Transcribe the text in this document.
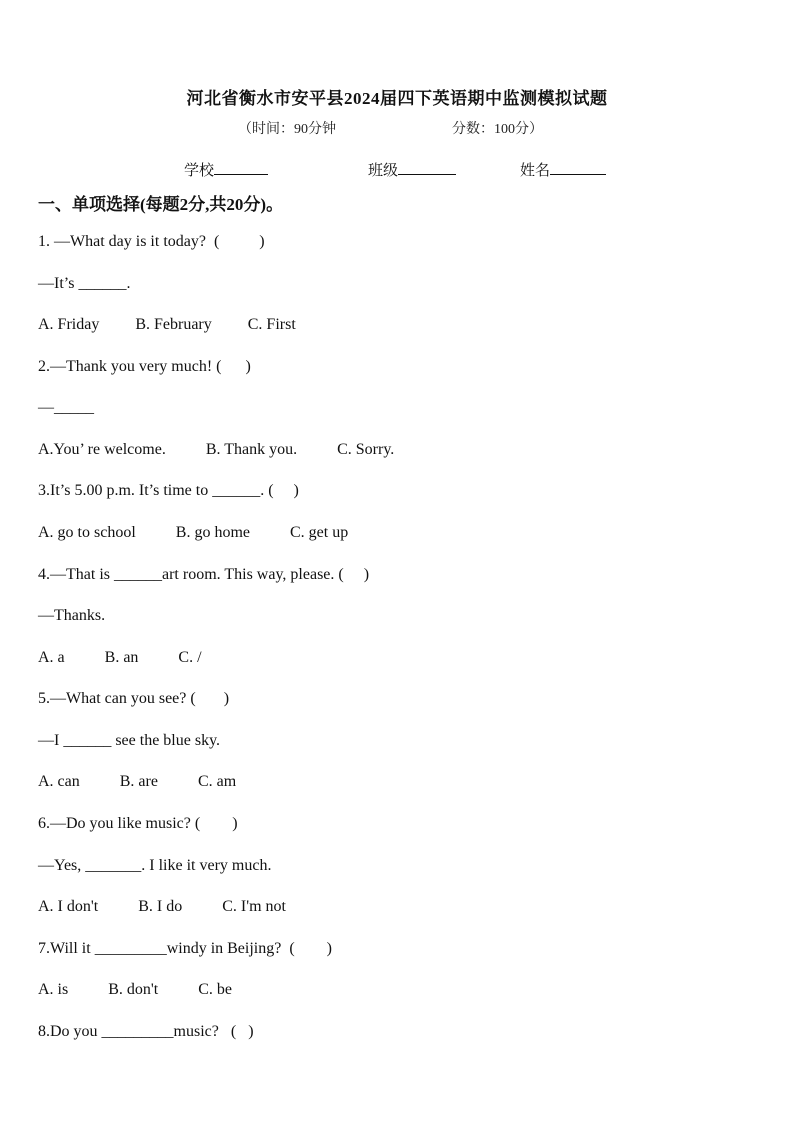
河北省衡水市安平县2024届四下英语期中监测模拟试题
（时间：90分钟	分数：100分）
学校	班级	姓名
一、单项选择(每题2分,共20分)。
1. —What day is it today?  (          )
—It’s ______.
A. Friday         B. February         C. First
2.—Thank you very much! (      )
—_____
A.You’ re welcome.          B. Thank you.          C. Sorry.
3.It’s 5.00 p.m. It’s time to ______. (     )
A. go to school          B. go home          C. get up
4.—That is ______art room. This way, please. (     )
—Thanks.
A. a          B. an          C. /
5.—What can you see? (       )
—I ______ see the blue sky.
A. can          B. are          C. am
6.—Do you like music? (        )
—Yes, _______. I like it very much.
A. I don't          B. I do          C. I'm not
7.Will it _________windy in Beijing?  (        )
A. is          B. don't          C. be
8.Do you _________music?   (   )
